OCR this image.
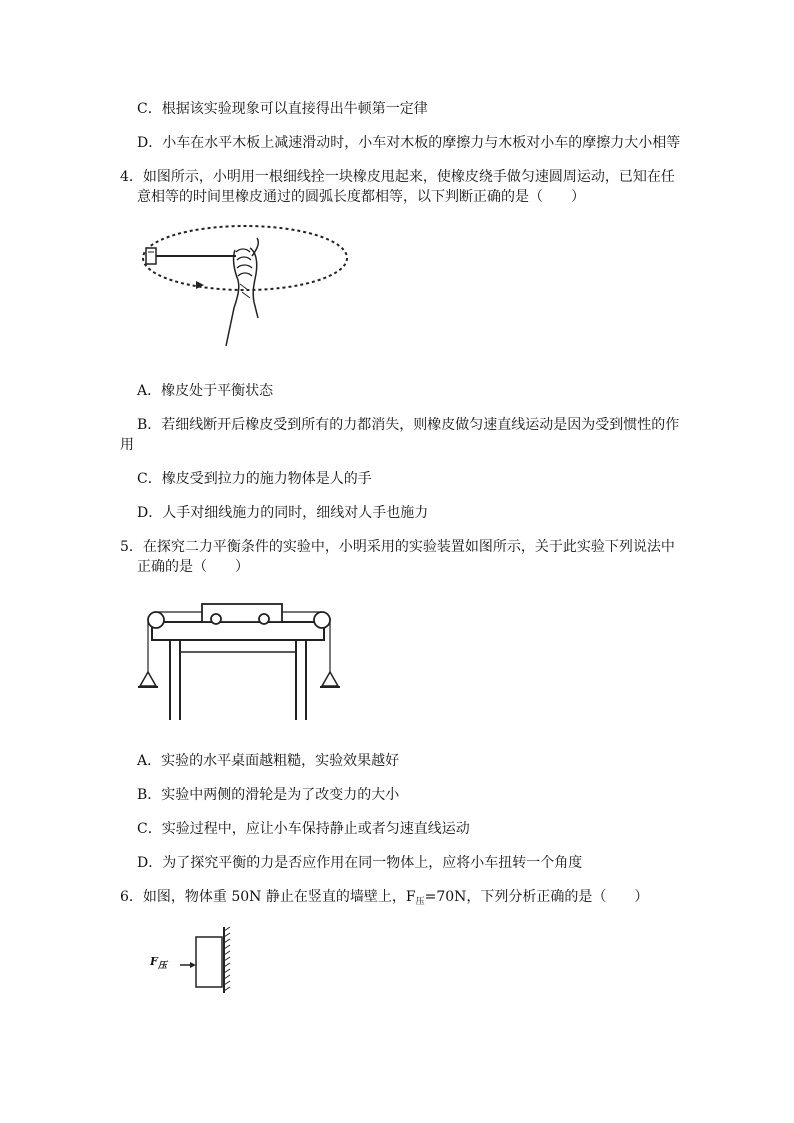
C．根据该实验现象可以直接得出牛顿第一定律
D．小车在水平木板上减速滑动时，小车对木板的摩擦力与木板对小车的摩擦力大小相等
4．如图所示，小明用一根细线拴一块橡皮甩起来，使橡皮绕手做匀速圆周运动，已知在任
意相等的时间里橡皮通过的圆弧长度都相等，以下判断正确的是（　　）
A．橡皮处于平衡状态
B．若细线断开后橡皮受到所有的力都消失，则橡皮做匀速直线运动是因为受到惯性的作
用
C．橡皮受到拉力的施力物体是人的手
D．人手对细线施力的同时，细线对人手也施力
5．在探究二力平衡条件的实验中，小明采用的实验装置如图所示，关于此实验下列说法中
正确的是（　　）
A．实验的水平桌面越粗糙，实验效果越好
B．实验中两侧的滑轮是为了改变力的大小
C．实验过程中，应让小车保持静止或者匀速直线运动
D．为了探究平衡的力是否应作用在同一物体上，应将小车扭转一个角度
6．如图，物体重 50N 静止在竖直的墙壁上，$F_压=70N$，下列分析正确的是（　　）
$F_压$
